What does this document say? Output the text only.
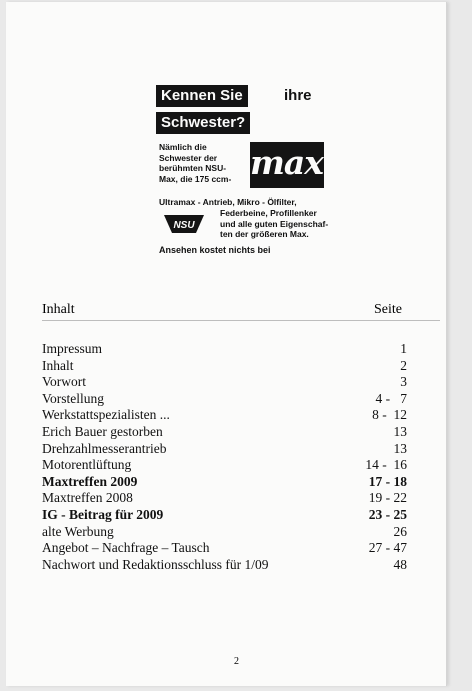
Kennen Sie	ihre
Schwester?
Nämlich die
Schwester der
berühmten NSU-
Max, die 175 ccm- maxi
Ultramax - Antrieb, Mikro - Ölfilter,
NSU
Federbeine, Profillenker
und alle guten Eigenschaf-
ten der größeren Max.
Ansehen kostet nichts bei
Inhalt	Seite
Impressum	1
Inhalt	2
Vorwort	3
Vorstellung	4 -   7
Werkstattspezialisten ...	8 -  12
Erich Bauer gestorben	13
Drehzahlmesserantrieb	13
Motorentlüftung	14 -  16
Maxtreffen 2009	17 - 18
Maxtreffen 2008	19 - 22
IG - Beitrag für 2009	23 - 25
alte Werbung	26
Angebot – Nachfrage – Tausch	27 - 47
Nachwort und Redaktionsschluss für 1/09	48
2
